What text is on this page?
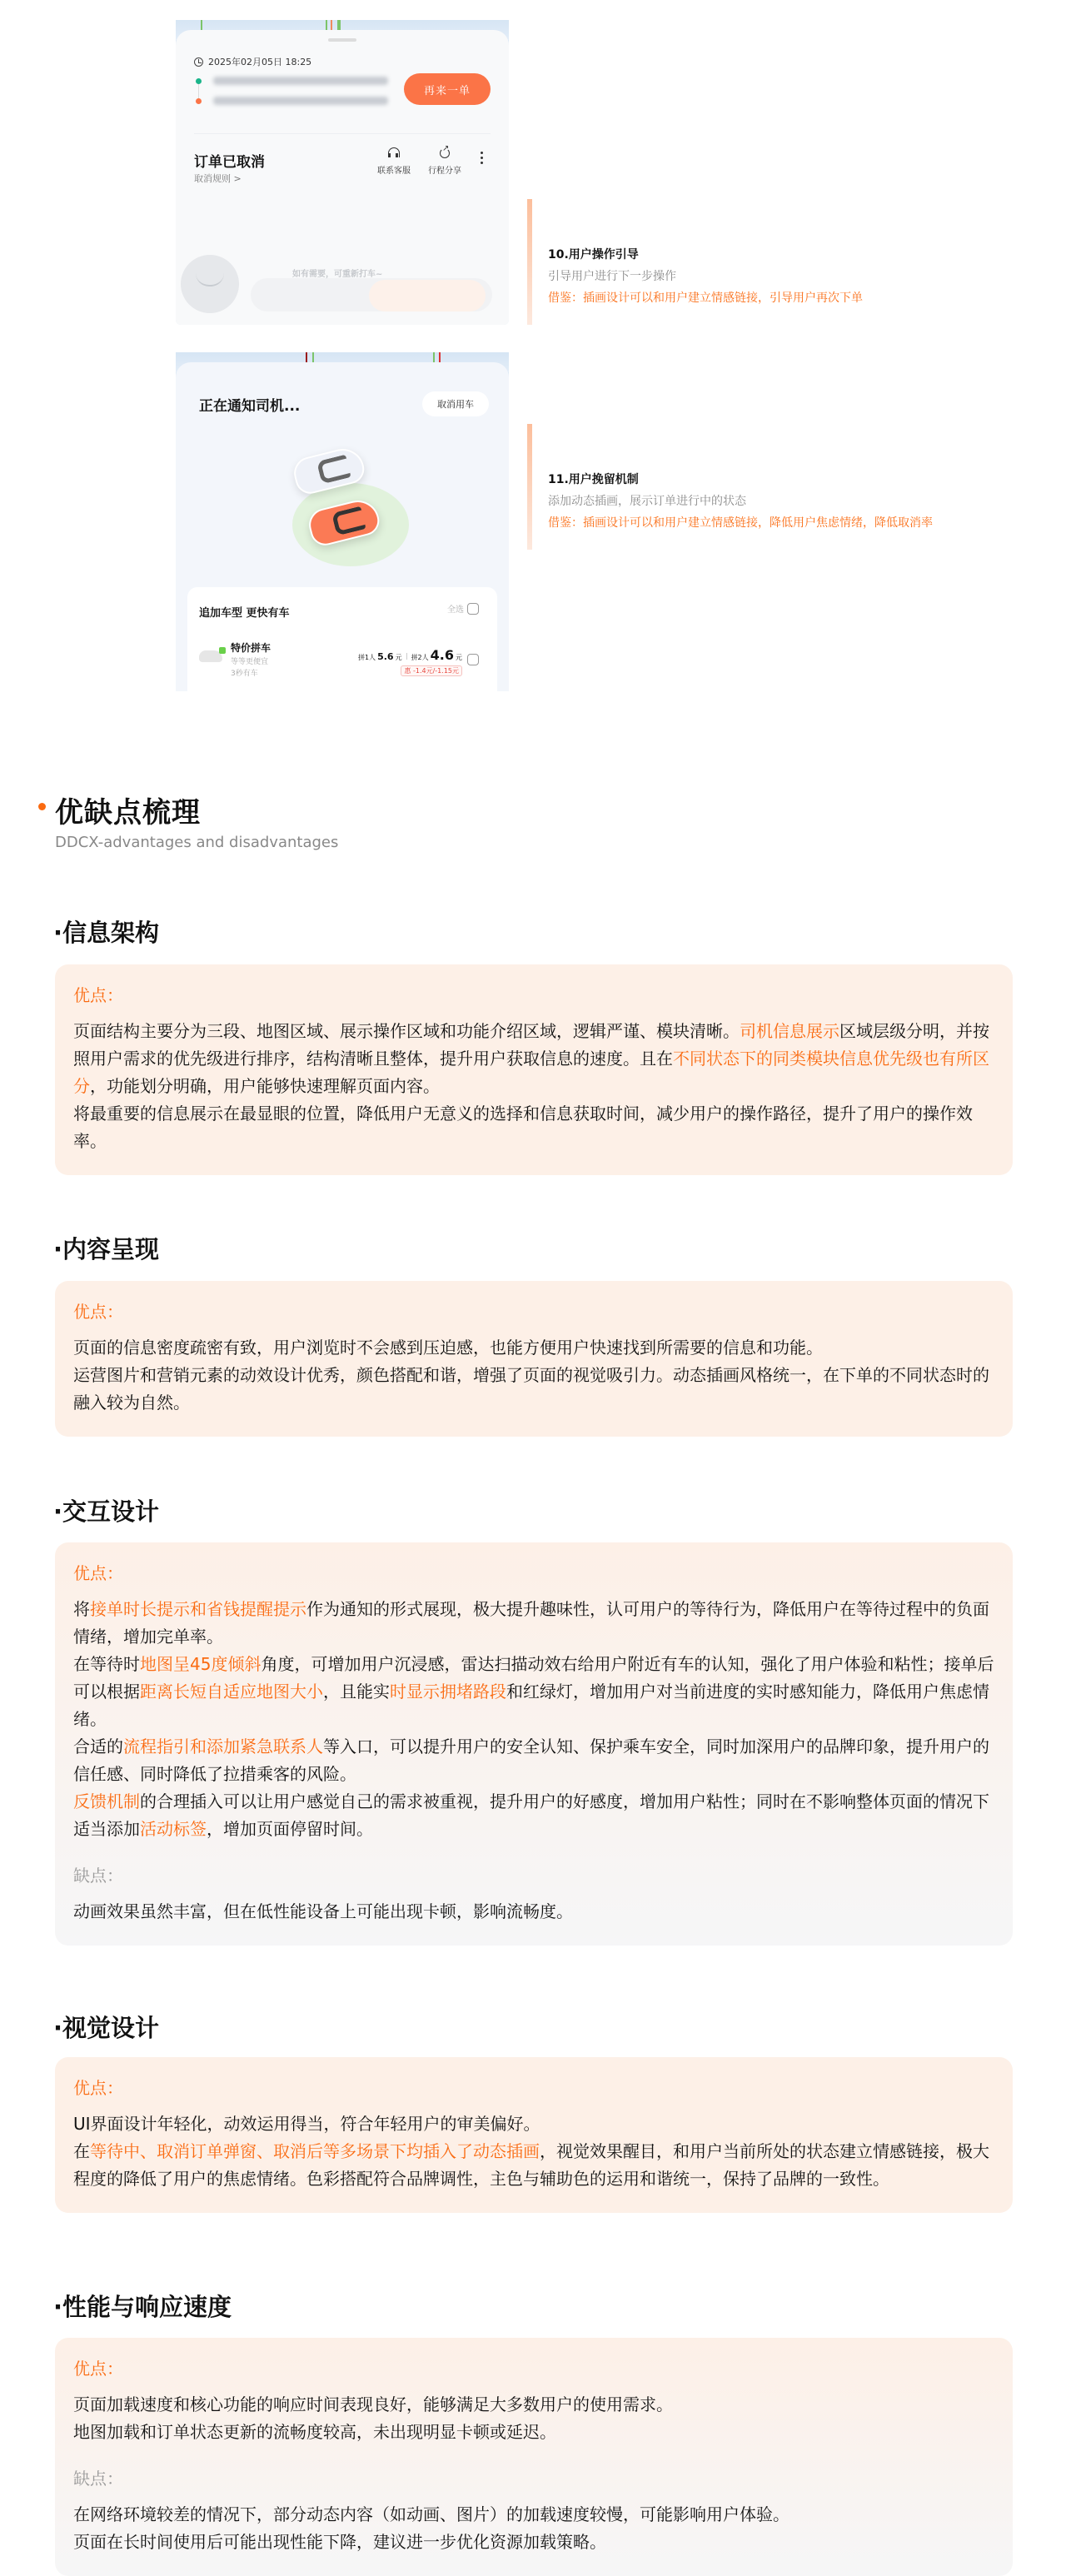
2025年02月05日 18:25
再来一单
订单已取消
取消规则 >
联系客服
↗ 行程分享
如有需要，可重新打车~
10.用户操作引导
引导用户进行下一步操作
借鉴：插画设计可以和用户建立情感链接，引导用户再次下单
正在通知司机...	取消用车
追加车型 更快有车	全选
特价拼车
等等更便宜
3秒有车
拼1人 5.6 元 拼2人 4.6 元
惠 -1.4元/-1.15元
11.用户挽留机制
添加动态插画，展示订单进行中的状态
借鉴：插画设计可以和用户建立情感链接，降低用户焦虑情绪，降低取消率
优缺点梳理
DDCX-advantages and disadvantages
·信息架构
优点：

页面结构主要分为三段、地图区域、展示操作区域和功能介绍区域，逻辑严谨、模块清晰。司机信息展示区域层级分明，并按照用户需求的优先级进行排序，结构清晰且整体，提升用户获取信息的速度。且在不同状态下的同类模块信息优先级也有所区分，功能划分明确，用户能够快速理解页面内容。

将最重要的信息展示在最显眼的位置，降低用户无意义的选择和信息获取时间，减少用户的操作路径，提升了用户的操作效率。

·内容呈现
优点：

页面的信息密度疏密有致，用户浏览时不会感到压迫感，也能方便用户快速找到所需要的信息和功能。

运营图片和营销元素的动效设计优秀，颜色搭配和谐，增强了页面的视觉吸引力。动态插画风格统一，在下单的不同状态时的融入较为自然。

·交互设计
优点：

将接单时长提示和省钱提醒提示作为通知的形式展现，极大提升趣味性，认可用户的等待行为，降低用户在等待过程中的负面情绪，增加完单率。

在等待时地图呈45度倾斜角度，可增加用户沉浸感，雷达扫描动效右给用户附近有车的认知，强化了用户体验和粘性；接单后可以根据距离长短自适应地图大小，且能实时显示拥堵路段和红绿灯，增加用户对当前进度的实时感知能力，降低用户焦虑情绪。

合适的流程指引和添加紧急联系人等入口，可以提升用户的安全认知、保护乘车安全，同时加深用户的品牌印象，提升用户的信任感、同时降低了拉措乘客的风险。

反馈机制的合理插入可以让用户感觉自己的需求被重视，提升用户的好感度，增加用户粘性；同时在不影响整体页面的情况下适当添加活动标签，增加页面停留时间。

缺点：

动画效果虽然丰富，但在低性能设备上可能出现卡顿，影响流畅度。

·视觉设计
优点：

UI界面设计年轻化，动效运用得当，符合年轻用户的审美偏好。

在等待中、取消订单弹窗、取消后等多场景下均插入了动态插画，视觉效果醒目，和用户当前所处的状态建立情感链接，极大程度的降低了用户的焦虑情绪。色彩搭配符合品牌调性，主色与辅助色的运用和谐统一，保持了品牌的一致性。

·性能与响应速度
优点：

页面加载速度和核心功能的响应时间表现良好，能够满足大多数用户的使用需求。

地图加载和订单状态更新的流畅度较高，未出现明显卡顿或延迟。

缺点：

在网络环境较差的情况下，部分动态内容（如动画、图片）的加载速度较慢，可能影响用户体验。

页面在长时间使用后可能出现性能下降，建议进一步优化资源加载策略。
